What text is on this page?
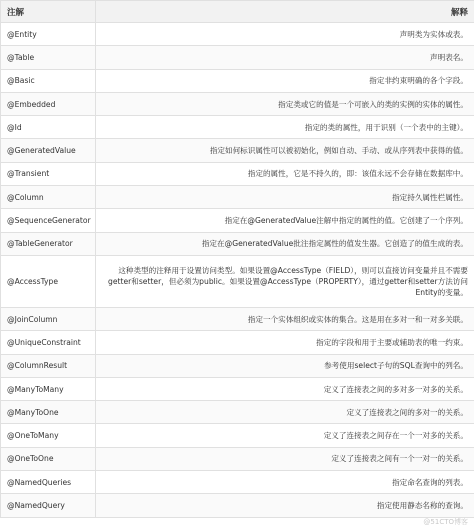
注解	解释
@Entity	声明类为实体或表。
@Table	声明表名。
@Basic	指定非约束明确的各个字段。
@Embedded	指定类或它的值是一个可嵌入的类的实例的实体的属性。
@Id	指定的类的属性，用于识别（一个表中的主键）。
@GeneratedValue	指定如何标识属性可以被初始化，例如自动、手动、或从序列表中获得的值。
@Transient	指定的属性，它是不持久的，即：该值永远不会存储在数据库中。
@Column	指定持久属性栏属性。
@SequenceGenerator	指定在@GeneratedValue注解中指定的属性的值。它创建了一个序列。
@TableGenerator	指定在@GeneratedValue批注指定属性的值发生器。它创造了的值生成的表。
@AccessType	这种类型的注释用于设置访问类型。如果设置@AccessType（FIELD），则可以直接访问变量并且不需要getter和setter，但必须为public。如果设置@AccessType（PROPERTY），通过getter和setter方法访问Entity的变量。
@JoinColumn	指定一个实体组织或实体的集合。这是用在多对一和一对多关联。
@UniqueConstraint	指定的字段和用于主要或辅助表的唯一约束。
@ColumnResult	参考使用select子句的SQL查询中的列名。
@ManyToMany	定义了连接表之间的多对多一对多的关系。
@ManyToOne	定义了连接表之间的多对一的关系。
@OneToMany	定义了连接表之间存在一个一对多的关系。
@OneToOne	定义了连接表之间有一个一对一的关系。
@NamedQueries	指定命名查询的列表。
@NamedQuery	指定使用静态名称的查询。
@51CTO博客
